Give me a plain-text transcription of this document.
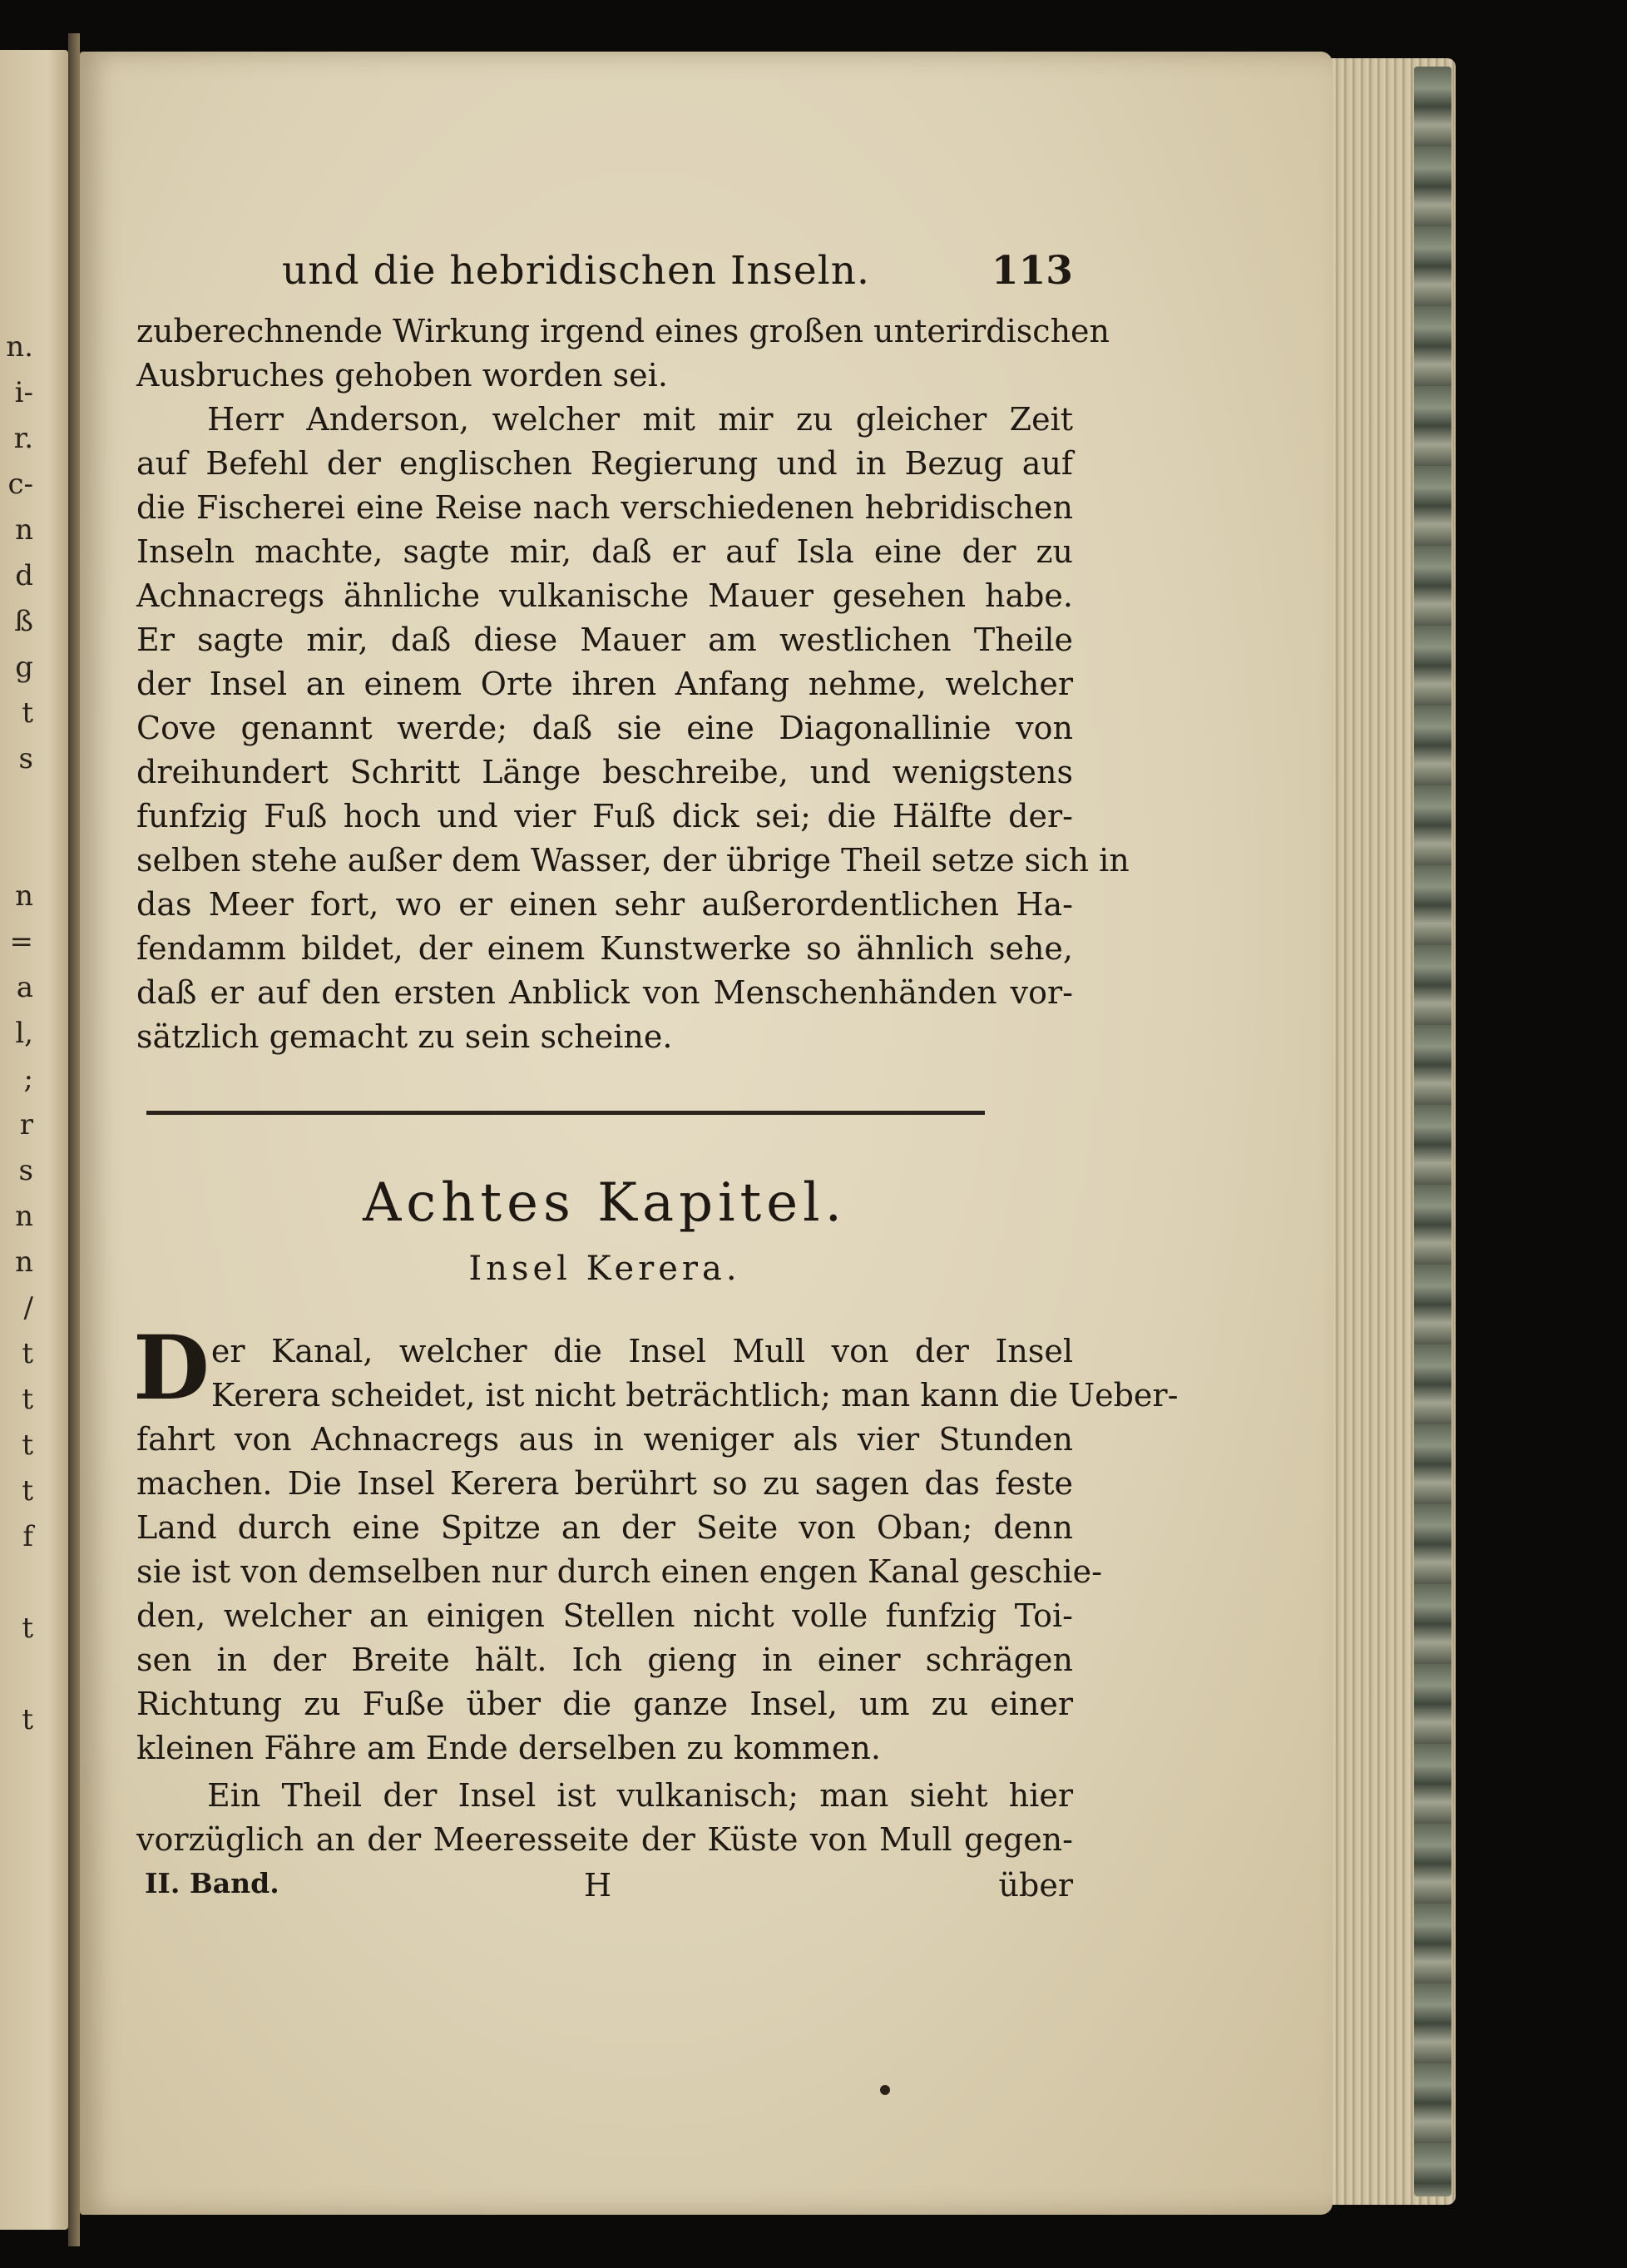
n.
i-
r.
c-
n
d
ß
g
t
s

n
=
a
l,
;
r
s
n
n
/
t
t
t
t
f

t

t
und die hebridischen Inseln.	113
zuberechnende Wirkung irgend eines großen unterirdischen
Ausbruches gehoben worden sei.
Herr Anderson, welcher mit mir zu gleicher Zeit
auf Befehl der englischen Regierung und in Bezug auf
die Fischerei eine Reise nach verschiedenen hebridischen
Inseln machte, sagte mir, daß er auf Isla eine der zu
Achnacregs ähnliche vulkanische Mauer gesehen habe.
Er sagte mir, daß diese Mauer am westlichen Theile
der Insel an einem Orte ihren Anfang nehme, welcher
Cove genannt werde; daß sie eine Diagonallinie von
dreihundert Schritt Länge beschreibe, und wenigstens
funfzig Fuß hoch und vier Fuß dick sei; die Hälfte der-
selben stehe außer dem Wasser, der übrige Theil setze sich in
das Meer fort, wo er einen sehr außerordentlichen Ha-
fendamm bildet, der einem Kunstwerke so ähnlich sehe,
daß er auf den ersten Anblick von Menschenhänden vor-
sätzlich gemacht zu sein scheine.
Achtes Kapitel.
Insel Kerera.
D er Kanal, welcher die Insel Mull von der Insel
Kerera scheidet, ist nicht beträchtlich; man kann die Ueber-
fahrt von Achnacregs aus in weniger als vier Stunden
machen. Die Insel Kerera berührt so zu sagen das feste
Land durch eine Spitze an der Seite von Oban; denn
sie ist von demselben nur durch einen engen Kanal geschie-
den, welcher an einigen Stellen nicht volle funfzig Toi-
sen in der Breite hält. Ich gieng in einer schrägen
Richtung zu Fuße über die ganze Insel, um zu einer
kleinen Fähre am Ende derselben zu kommen.
Ein Theil der Insel ist vulkanisch; man sieht hier
vorzüglich an der Meeresseite der Küste von Mull gegen-
II. Band.	H	über
